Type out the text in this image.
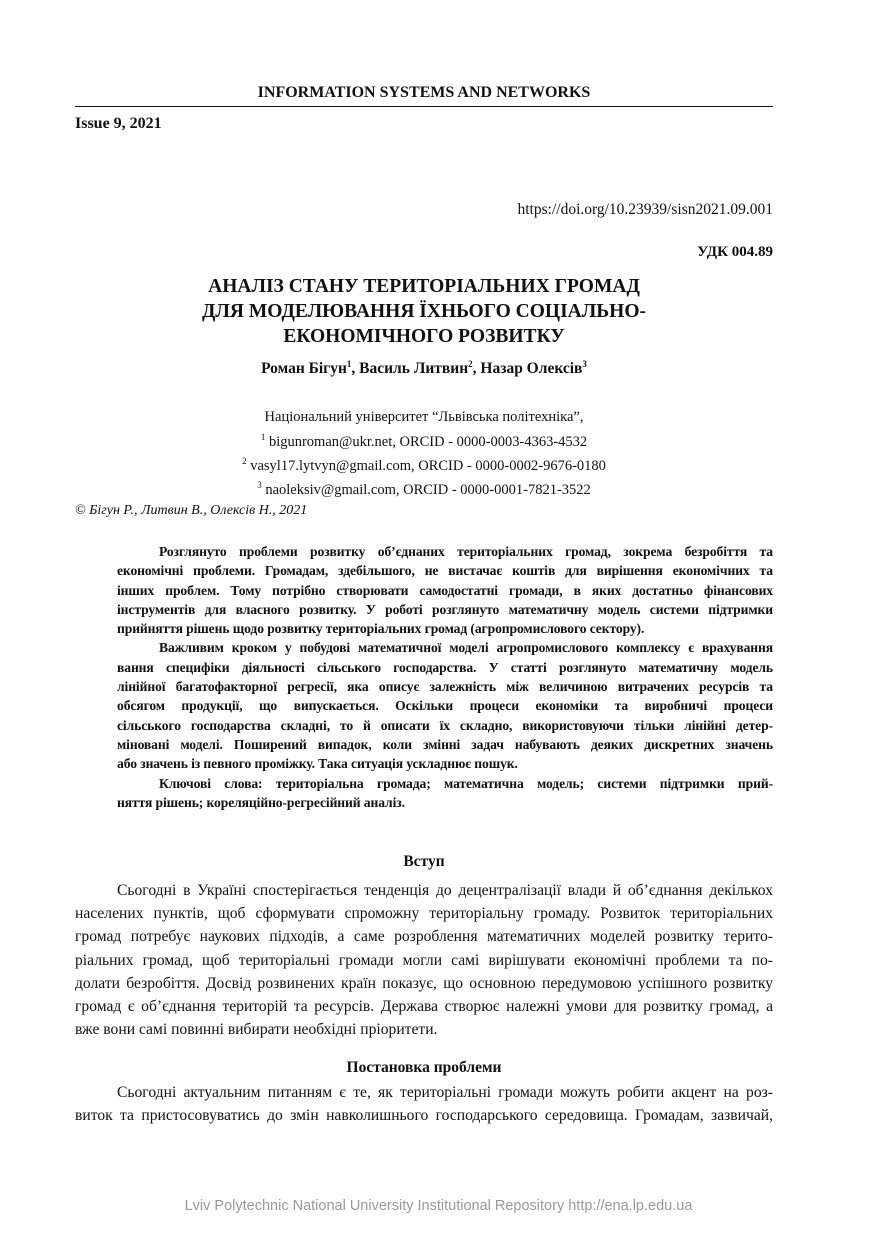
INFORMATION SYSTEMS AND NETWORKS
Issue 9, 2021
https://doi.org/10.23939/sisn2021.09.001
УДК 004.89
АНАЛІЗ СТАНУ ТЕРИТОРІАЛЬНИХ ГРОМАД
ДЛЯ МОДЕЛЮВАННЯ ЇХНЬОГО СОЦІАЛЬНО-
ЕКОНОМІЧНОГО РОЗВИТКУ
Роман Бігун$^1$, Василь Литвин$^2$, Назар Олексів$^3$
Національний університет “Львівська політехніка”,
$^1$ bigunroman@ukr.net, ORCID - 0000-0003-4363-4532
$^2$ vasyl17.lytvyn@gmail.com, ORCID - 0000-0002-9676-0180
$^3$ naoleksiv@gmail.com, ORCID - 0000-0001-7821-3522
© Бігун Р., Литвин В., Олексів Н., 2021
Розглянуто проблеми розвитку об’єднаних територіальних громад, зокрема безробіття та
економічні проблеми. Громадам, здебільшого, не вистачає коштів для вирішення економічних та
інших проблем. Тому потрібно створювати самодостатні громади, в яких достатньо фінансових
інструментів для власного розвитку. У роботі розглянуто математичну модель системи підтримки
прийняття рішень щодо розвитку територіальних громад (агропромислового сектору).
Важливим кроком у побудові математичної моделі агропромислового комплексу є врахування
вання специфіки діяльності сільського господарства. У статті розглянуто математичну модель
лінійної багатофакторної регресії, яка описує залежність між величиною витрачених ресурсів та
обсягом продукції, що випускається. Оскільки процеси економіки та виробничі процеси
сільського господарства складні, то й описати їх складно, використовуючи тільки лінійні детер-
міновані моделі. Поширений випадок, коли змінні задач набувають деяких дискретних значень
або значень із певного проміжку. Така ситуація ускладнює пошук.
Ключові слова: територіальна громада; математична модель; системи підтримки прий-
няття рішень; кореляційно-регресійний аналіз.
Вступ
Сьогодні в Україні спостерігається тенденція до децентралізації влади й об’єднання декількох
населених пунктів, щоб сформувати спроможну територіальну громаду. Розвиток територіальних
громад потребує наукових підходів, а саме розроблення математичних моделей розвитку терито-
ріальних громад, щоб територіальні громади могли самі вирішувати економічні проблеми та по-
долати безробіття. Досвід розвинених країн показує, що основною передумовою успішного розвитку
громад є об’єднання територій та ресурсів. Держава створює належні умови для розвитку громад, а
вже вони самі повинні вибирати необхідні пріоритети.
Постановка проблеми
Сьогодні актуальним питанням є те, як територіальні громади можуть робити акцент на роз-
виток та пристосовуватись до змін навколишнього господарського середовища. Громадам, зазвичай,
Lviv Polytechnic National University Institutional Repository http://ena.lp.edu.ua
